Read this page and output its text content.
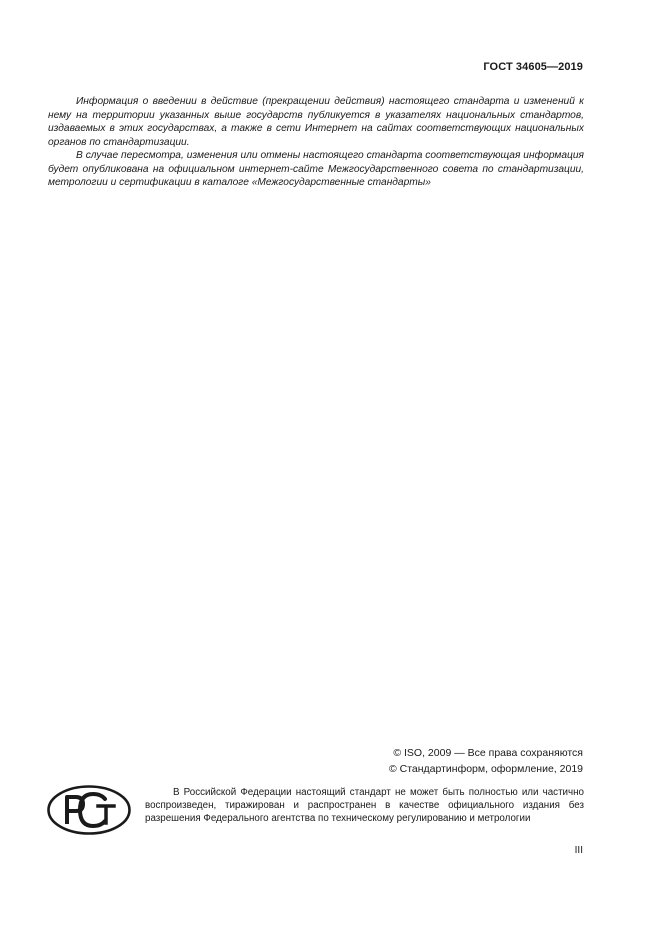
ГОСТ 34605—2019

Информация о введении в действие (прекращении действия) настоящего стандарта и изменений к нему на территории указанных выше государств публикуется в указателях национальных стандартов, издаваемых в этих государствах, а также в сети Интернет на сайтах соответствующих национальных органов по стандартизации.

В случае пересмотра, изменения или отмены настоящего стандарта соответствующая информация будет опубликована на официальном интернет-сайте Межгосударственного совета по стандартизации, метрологии и сертификации в каталоге «Межгосударственные стандарты»

© ISO, 2009 — Все права сохраняются
© Стандартинформ, оформление, 2019

В Российской Федерации настоящий стандарт не может быть полностью или частично воспроизведен, тиражирован и распространен в качестве официального издания без разрешения Федерального агентства по техническому регулированию и метрологии

III
